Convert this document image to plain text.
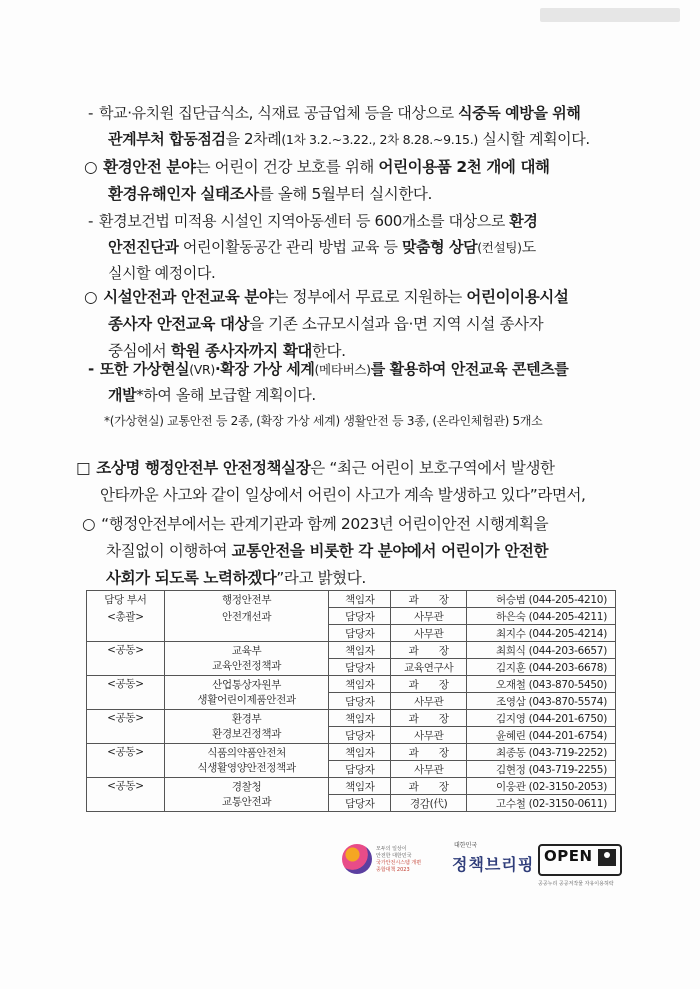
- 학교·유치원 집단급식소, 식재료 공급업체 등을 대상으로 식중독 예방을 위해
관계부처 합동점검을 2차례(1차 3.2.~3.22., 2차 8.28.~9.15.) 실시할 계획이다.
○ 환경안전 분야는 어린이 건강 보호를 위해 어린이용품 2천 개에 대해
환경유해인자 실태조사를 올해 5월부터 실시한다.
- 환경보건법 미적용 시설인 지역아동센터 등 600개소를 대상으로 환경
안전진단과 어린이활동공간 관리 방법 교육 등 맞춤형 상담(컨설팅)도
실시할 예정이다.
○ 시설안전과 안전교육 분야는 정부에서 무료로 지원하는 어린이이용시설
종사자 안전교육 대상을 기존 소규모시설과 읍·면 지역 시설 종사자
중심에서 학원 종사자까지 확대한다.
- 또한 가상현실(VR)·확장 가상 세계(메타버스)를 활용하여 안전교육 콘텐츠를
개발*하여 올해 보급할 계획이다.
*(가상현실) 교통안전 등 2종, (확장 가상 세계) 생활안전 등 3종, (온라인체험관) 5개소
□ 조상명 행정안전부 안전정책실장은 “최근 어린이 보호구역에서 발생한
안타까운 사고와 같이 일상에서 어린이 사고가 계속 발생하고 있다”라면서,
○ “행정안전부에서는 관계기관과 함께 2023년 어린이안전 시행계획을
차질없이 이행하여 교통안전을 비롯한 각 분야에서 어린이가 안전한
사회가 되도록 노력하겠다”라고 밝혔다.
담당 부서	행정안전부	책임자	과　　장	허승범 (044-205-4210)
<총괄>	안전개선과	담당자	사무관	하은숙 (044-205-4211)
		담당자	사무관	최지수 (044-205-4214)
<공동>	교육부
교육안전정책과	책임자	과　　장	최희식 (044-203-6657)
		담당자	교육연구사	김지훈 (044-203-6678)
<공동>	산업통상자원부
생활어린이제품안전과	책임자	과　　장	오재철 (043-870-5450)
		담당자	사무관	조영삼 (043-870-5574)
<공동>	환경부
환경보건정책과	책임자	과　　장	김지영 (044-201-6750)
		담당자	사무관	윤혜린 (044-201-6754)
<공동>	식품의약품안전처
식생활영양안전정책과	책임자	과　　장	최종동 (043-719-2252)
		담당자	사무관	김현정 (043-719-2255)
<공동>	경찰청
교통안전과	책임자	과　　장	이웅관 (02-3150-2053)
		담당자	경감(代)	고수철 (02-3150-0611)
모두의 일상이
안전한 대한민국
국가안전시스템 개편
종합대책 2023
대한민국
정책브리핑 OPEN
공공누리 공공저작물 자유이용허락
